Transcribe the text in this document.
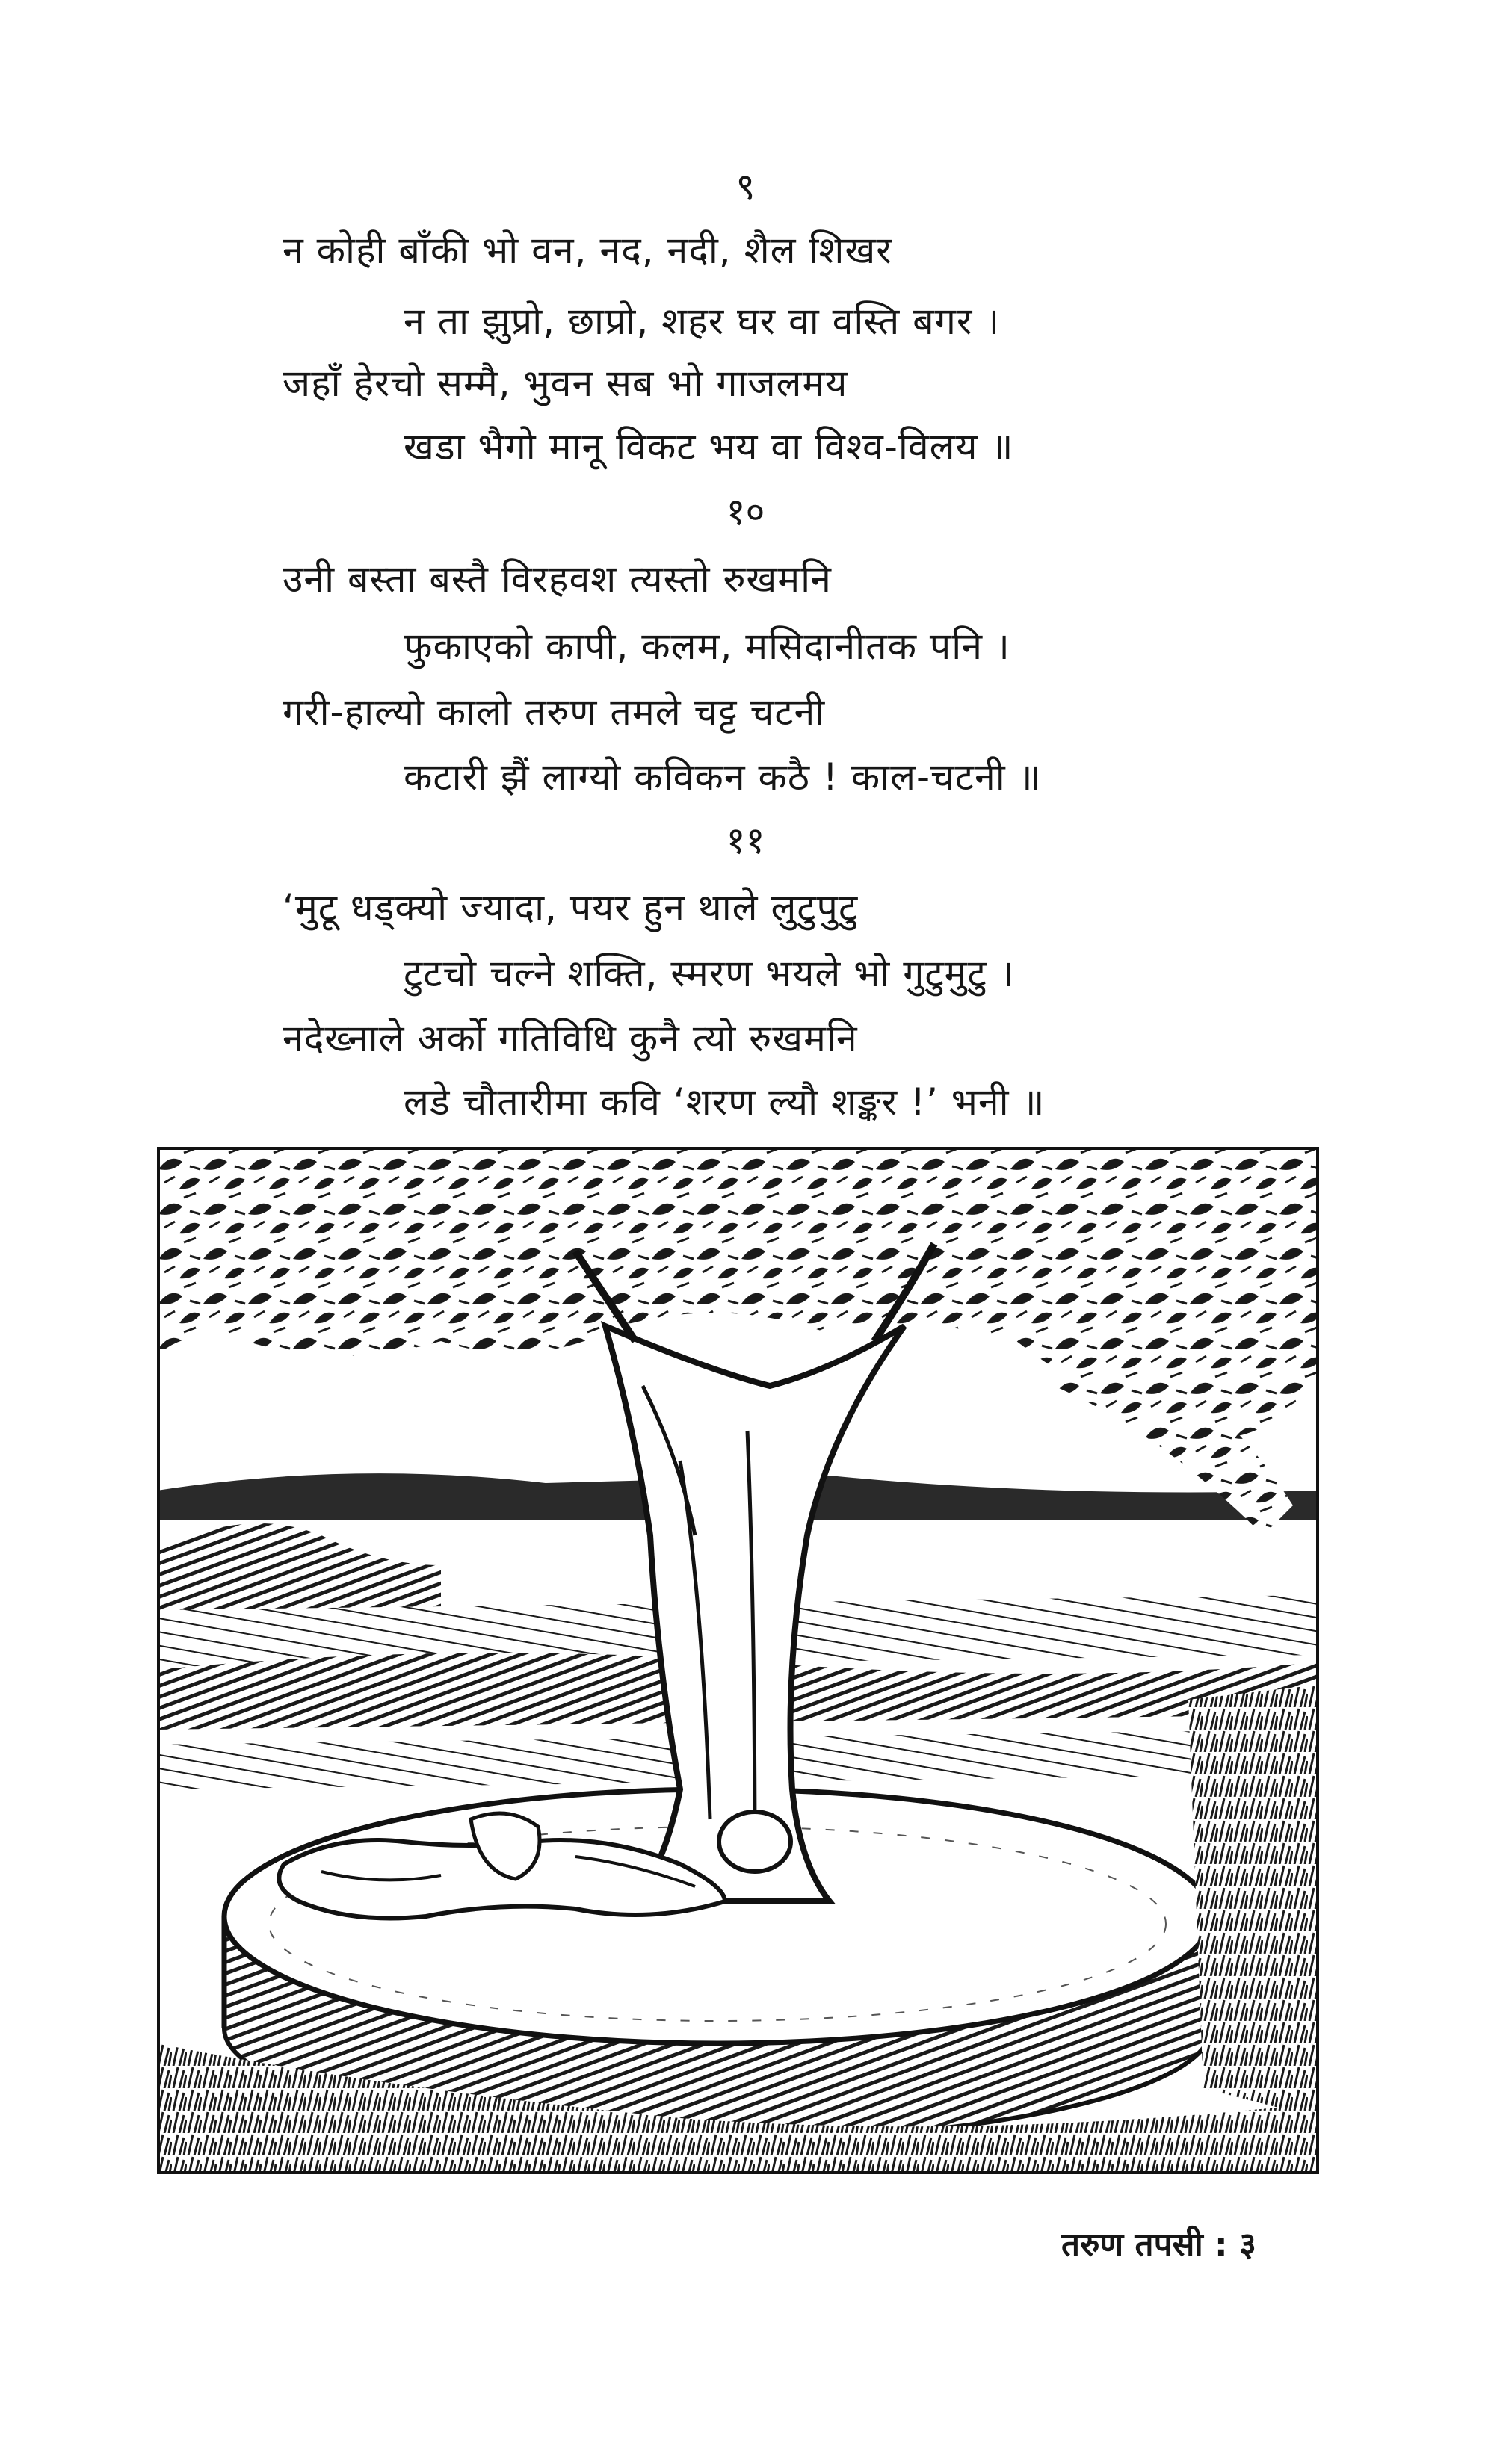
९
न कोही बाँकी भो वन, नद, नदी, शैल शिखर
न ता झुप्रो, छाप्रो, शहर घर वा वस्ति बगर ।
जहाँ हेरचो सम्मै, भुवन सब भो गाजलमय
खडा भैगो मानू विकट भय वा विश्व-विलय ॥
१०
उनी बस्ता बस्तै विरहवश त्यस्तो रुखमनि
फुकाएको कापी, कलम, मसिदानीतक पनि ।
गरी-हाल्यो कालो तरुण तमले चट्ट चटनी
कटारी झैं लाग्यो कविकन कठै ! काल-चटनी ॥
११
‘मुटू धड्क्यो ज्यादा, पयर हुन थाले लुटुपुटु
टुटचो चल्ने शक्ति, स्मरण भयले भो गुटुमुटु ।
नदेख्नाले अर्को गतिविधि कुनै त्यो रुखमनि
लडे चौतारीमा कवि ‘शरण ल्यौ शङ्कर !’ भनी ॥
तरुण तपसी : ३
